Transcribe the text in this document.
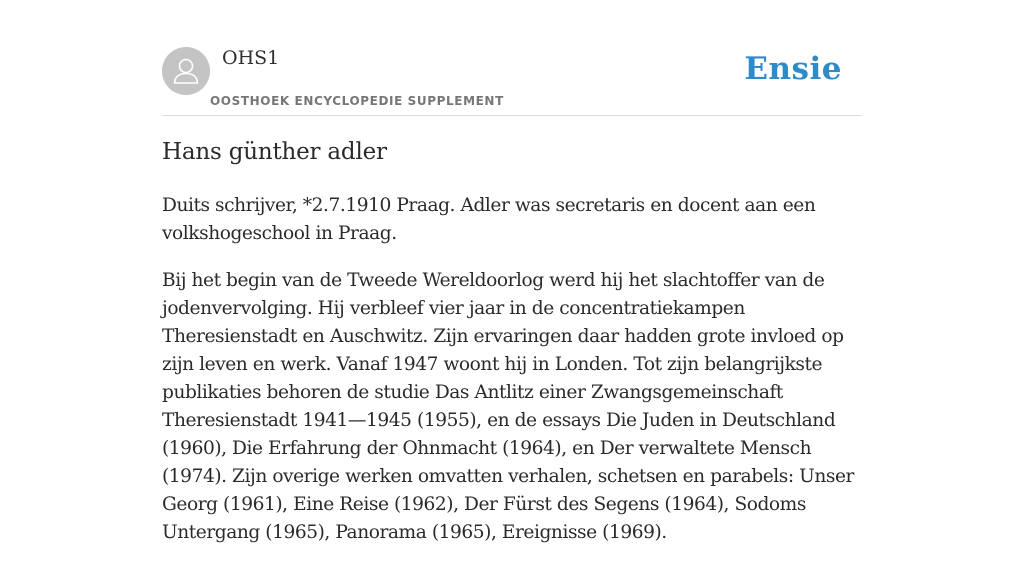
OHS1
OOSTHOEK ENCYCLOPEDIE SUPPLEMENT
Ensie
Hans günther adler

Duits schrijver, *2.7.1910 Praag. Adler was secretaris en docent aan een volkshogeschool in Praag.

Bij het begin van de Tweede Wereldoorlog werd hij het slachtoffer van de jodenvervolging. Hij verbleef vier jaar in de concentratiekampen Theresienstadt en Auschwitz. Zijn ervaringen daar hadden grote invloed op zijn leven en werk. Vanaf 1947 woont hij in Londen. Tot zijn belangrijkste publikaties behoren de studie Das Antlitz einer Zwangsgemeinschaft Theresienstadt 1941—1945 (1955), en de essays Die Juden in Deutschland (1960), Die Erfahrung der Ohnmacht (1964), en Der verwaltete Mensch (1974). Zijn overige werken omvatten verhalen, schetsen en parabels: Unser Georg (1961), Eine Reise (1962), Der Fürst des Segens (1964), Sodoms Untergang (1965), Panorama (1965), Ereignisse (1969).
